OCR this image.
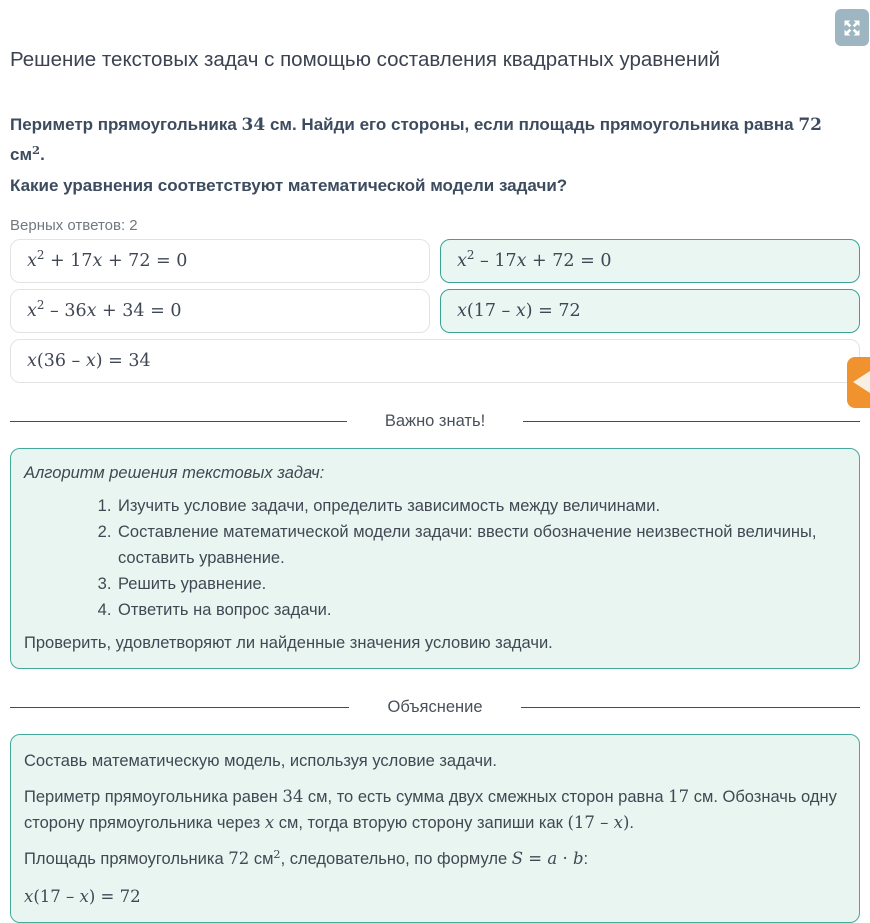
Решение текстовых задач с помощью составления квадратных уравнений
Периметр прямоугольника 34 см. Найди его стороны, если площадь прямоугольника равна 72 $см^2$.
Какие уравнения соответствуют математической модели задачи?
Верных ответов: 2
$x^2 + 17x + 72 = 0$	$x^2 - 17x + 72 = 0$
$x^2 - 36x + 34 = 0$	x(17 – x) = 72
x(36 – x) = 34
Важно знать!
Алгоритм решения текстовых задач:
1. Изучить условие задачи, определить зависимость между величинами.
2. Составление математической модели задачи: ввести обозначение неизвестной величины, составить уравнение.
3. Решить уравнение.
4. Ответить на вопрос задачи.
Проверить, удовлетворяют ли найденные значения условию задачи.
Объяснение

Составь математическую модель, используя условие задачи.

Периметр прямоугольника равен 34 см, то есть сумма двух смежных сторон равна 17 см. Обозначь одну сторону прямоугольника через x см, тогда вторую сторону запиши как (17 – x).

Площадь прямоугольника 72 $см^2$, следовательно, по формуле S = a · b:

x(17 – x) = 72
